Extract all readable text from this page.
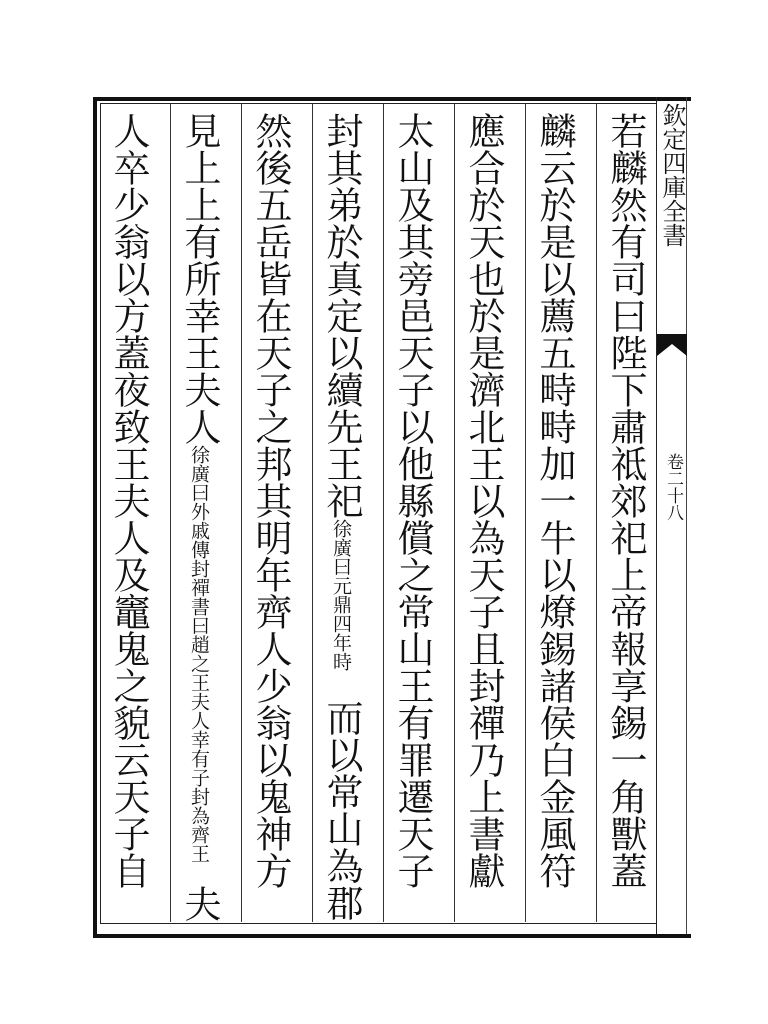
欽定四庫全書
卷二十八
若麟然有司曰陛下肅祗郊祀上帝報享錫一角獸蓋
麟云於是以薦五畤畤加一牛以燎錫諸侯白金風符
應合於天也於是濟北王以為天子且封禪乃上書獻
太山及其旁邑天子以他縣償之常山王有罪遷天子
封其弟於真定以續先王祀徐廣曰元鼎四年時而以常山為郡
然後五岳皆在天子之邦其明年齊人少翁以鬼神方
見上上有所幸王夫人徐廣曰外戚傳封禪書曰趙之王夫人幸有子封為齊王夫
人卒少翁以方蓋夜致王夫人及竈鬼之貌云天子自
